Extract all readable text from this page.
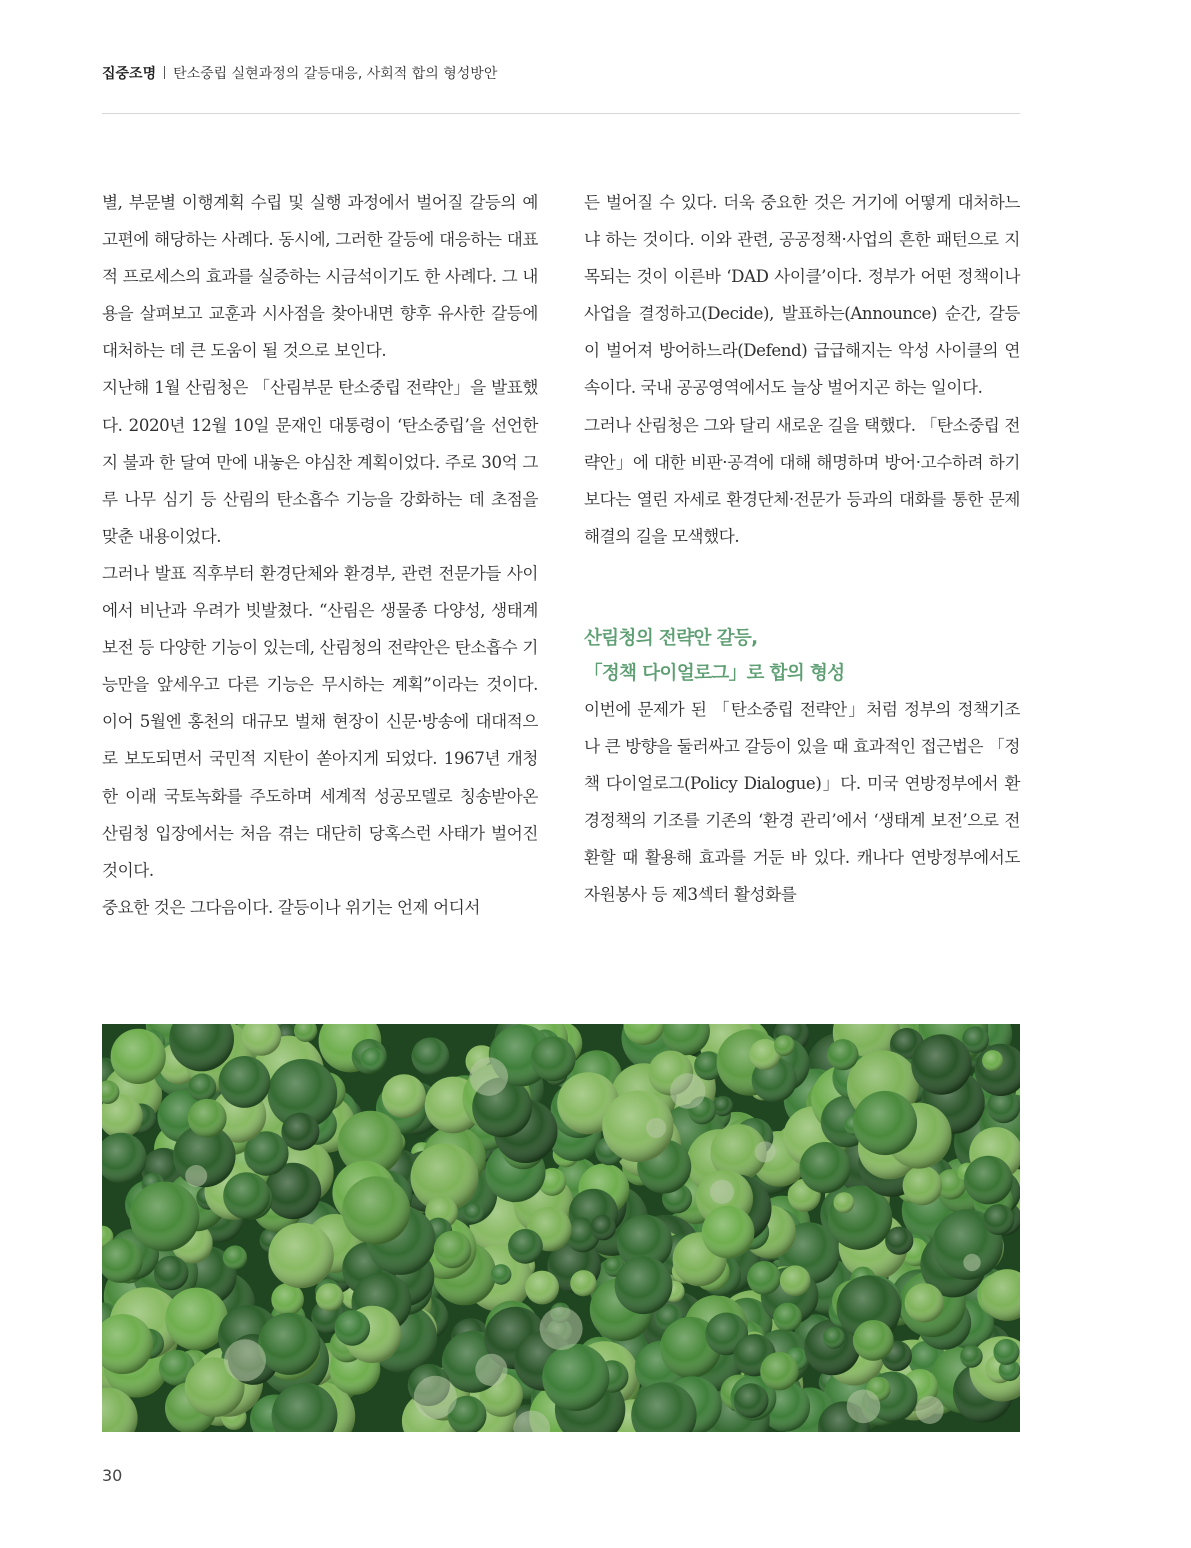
집중조명 탄소중립 실현과정의 갈등대응, 사회적 합의 형성방안

별, 부문별 이행계획 수립 및 실행 과정에서 벌어질 갈등의 예고편에 해당하는 사례다. 동시에, 그러한 갈등에 대응하는 대표적 프로세스의 효과를 실증하는 시금석이기도 한 사례다. 그 내용을 살펴보고 교훈과 시사점을 찾아내면 향후 유사한 갈등에 대처하는 데 큰 도움이 될 것으로 보인다.

지난해 1월 산림청은 「산림부문 탄소중립 전략안」을 발표했다. 2020년 12월 10일 문재인 대통령이 ‘탄소중립’을 선언한 지 불과 한 달여 만에 내놓은 야심찬 계획이었다. 주로 30억 그루 나무 심기 등 산림의 탄소흡수 기능을 강화하는 데 초점을 맞춘 내용이었다.

그러나 발표 직후부터 환경단체와 환경부, 관련 전문가들 사이에서 비난과 우려가 빗발쳤다. “산림은 생물종 다양성, 생태계 보전 등 다양한 기능이 있는데, 산림청의 전략안은 탄소흡수 기능만을 앞세우고 다른 기능은 무시하는 계획”이라는 것이다. 이어 5월엔 홍천의 대규모 벌채 현장이 신문·방송에 대대적으로 보도되면서 국민적 지탄이 쏟아지게 되었다. 1967년 개청한 이래 국토녹화를 주도하며 세계적 성공모델로 칭송받아온 산림청 입장에서는 처음 겪는 대단히 당혹스런 사태가 벌어진 것이다.

중요한 것은 그다음이다. 갈등이나 위기는 언제 어디서

든 벌어질 수 있다. 더욱 중요한 것은 거기에 어떻게 대처하느냐 하는 것이다. 이와 관련, 공공정책·사업의 흔한 패턴으로 지목되는 것이 이른바 ‘DAD 사이클’이다. 정부가 어떤 정책이나 사업을 결정하고(Decide), 발표하는(Announce) 순간, 갈등이 벌어져 방어하느라(Defend) 급급해지는 악성 사이클의 연속이다. 국내 공공영역에서도 늘상 벌어지곤 하는 일이다.

그러나 산림청은 그와 달리 새로운 길을 택했다. 「탄소중립 전략안」에 대한 비판·공격에 대해 해명하며 방어·고수하려 하기보다는 열린 자세로 환경단체·전문가 등과의 대화를 통한 문제해결의 길을 모색했다.

산림청의 전략안 갈등,
「정책 다이얼로그」로 합의 형성

이번에 문제가 된 「탄소중립 전략안」처럼 정부의 정책기조나 큰 방향을 둘러싸고 갈등이 있을 때 효과적인 접근법은 「정책 다이얼로그(Policy Dialogue)」다. 미국 연방정부에서 환경정책의 기조를 기존의 ‘환경 관리’에서 ‘생태계 보전’으로 전환할 때 활용해 효과를 거둔 바 있다. 캐나다 연방정부에서도 자원봉사 등 제3섹터 활성화를

30
